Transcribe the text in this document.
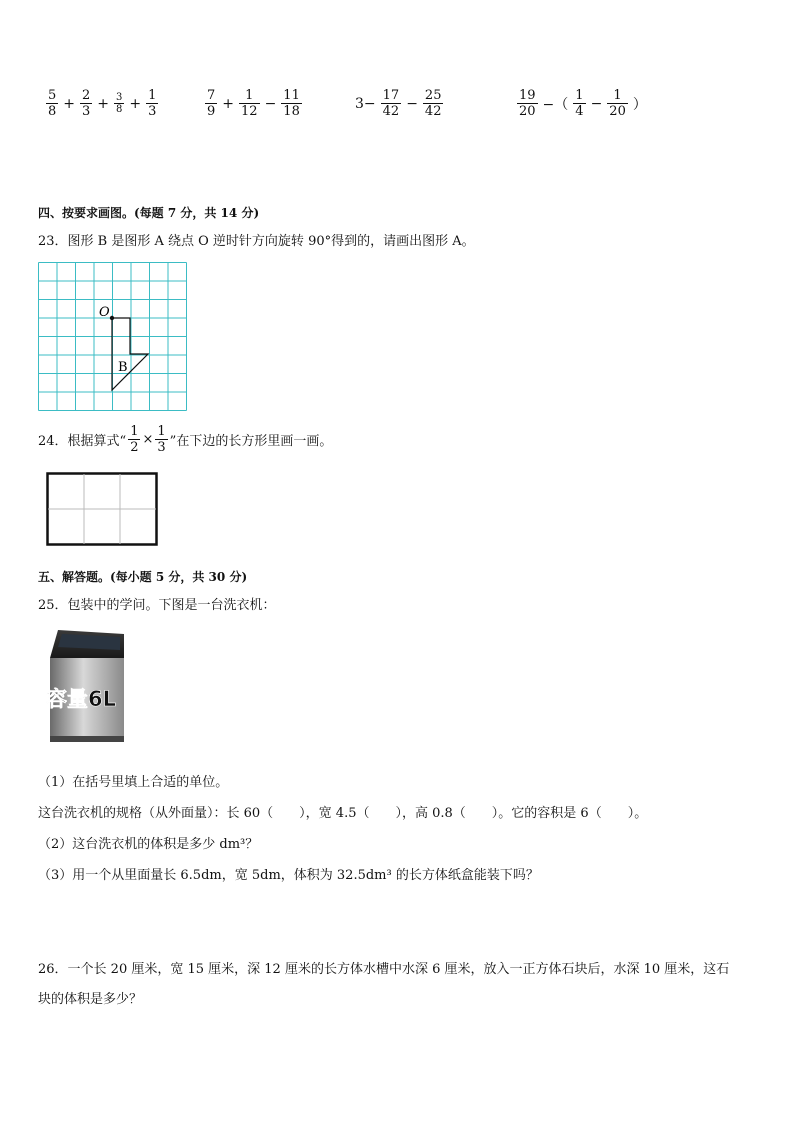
$\frac{5}{8} + \frac{2}{3} + \frac{3}{8} + \frac{1}{3}$	$\frac{7}{9} + \frac{1}{12} - \frac{11}{18}$	$3- \frac{17}{42} - \frac{25}{42}$	$\frac{19}{20}$ −（ $\frac{1}{4} - \frac{1}{20}$ ）
四、按要求画图。(每题 7 分，共 14 分)
23．图形 B 是图形 A 绕点 O 逆时针方向旋转 90°得到的，请画出图形 A。
O
B
24．根据算式“ $\frac{1}{2} \times \frac{1}{3}$ ”在下边的长方形里画一画。
五、解答题。(每小题 5 分，共 30 分)
25．包装中的学问。下图是一台洗衣机：
容量6L
（1）在括号里填上合适的单位。
这台洗衣机的规格（从外面量）：长 60（　　），宽 4.5（　　），高 0.8（　　）。它的容积是 6（　　）。
（2）这台洗衣机的体积是多少 dm³？
（3）用一个从里面量长 6.5dm，宽 5dm，体积为 32.5dm³ 的长方体纸盒能装下吗？
26．一个长 20 厘米，宽 15 厘米，深 12 厘米的长方体水槽中水深 6 厘米，放入一正方体石块后，水深 10 厘米，这石
块的体积是多少？
